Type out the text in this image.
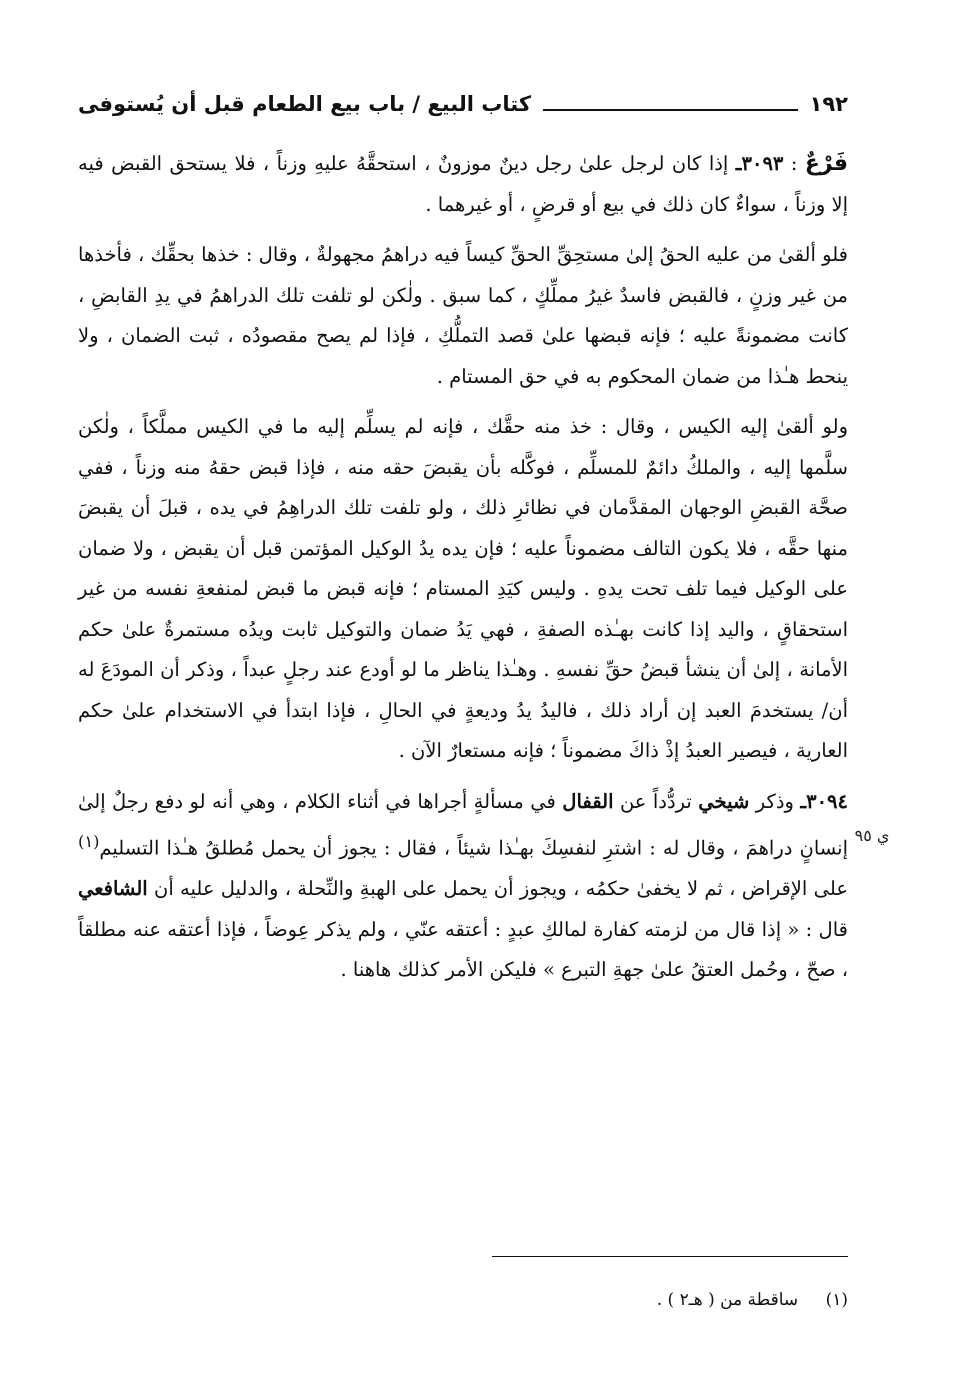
١٩٢
كتاب البيع / باب بيع الطعام قبل أن يُستوفى

فَرْعٌ : ٣٠٩٣ـ إذا كان لرجل علىٰ رجل دينٌ موزونٌ ، استحقَّهُ عليهِ وزناً ، فلا يستحق القبض فيه إلا وزناً ، سواءٌ كان ذلك في بيع أو قرضٍ ، أو غيرهما .

فلو ألقىٰ من عليه الحقُ إلىٰ مستحِقِّ الحقِّ كيساً فيه دراهمُ مجهولةٌ ، وقال : خذها بحقِّك ، فأخذها من غير وزنٍ ، فالقبض فاسدٌ غيرُ مملِّكٍ ، كما سبق . ولٰكن لو تلفت تلك الدراهمُ في يدِ القابضِ ، كانت مضمونةً عليه ؛ فإنه قبضها علىٰ قصد التملُّكِ ، فإذا لم يصح مقصودُه ، ثبت الضمان ، ولا ينحط هـٰذا من ضمان المحكوم به في حق المستام .

ولو ألقىٰ إليه الكيس ، وقال : خذ منه حقَّك ، فإنه لم يسلِّم إليه ما في الكيس مملَّكاً ، ولٰكن سلَّمها إليه ، والملكُ دائمٌ للمسلِّم ، فوكَّله بأن يقبضَ حقه منه ، فإذا قبض حقهُ منه وزناً ، ففي صحَّة القبضِ الوجهان المقدَّمان في نظائرِ ذلك ، ولو تلفت تلك الدراهِمُ في يده ، قبلَ أن يقبضَ منها حقَّه ، فلا يكون التالف مضموناً عليه ؛ فإن يده يدُ الوكيل المؤتمن قبل أن يقبض ، ولا ضمان على الوكيل فيما تلف تحت يدهِ . وليس كيَدِ المستام ؛ فإنه قبض ما قبض لمنفعةِ نفسه من غير استحقاقٍ ، واليد إذا كانت بهـٰذه الصفةِ ، فهي يَدُ ضمان والتوكيل ثابت ويدُه مستمرةٌ علىٰ حكم الأمانة ، إلىٰ أن ينشأ قبضُ حقِّ نفسهِ . وهـٰذا يناظر ما لو أودع عند رجلٍ عبداً ، وذكر أن المودَعَ له أن/ يستخدمَ العبد إن أراد ذلك ، فاليدُ يدُ وديعةٍ في الحالِ ، فإذا ابتدأ في الاستخدام علىٰ حكم العارية ، فيصير العبدُ إذْ ذاكَ مضموناً ؛ فإنه مستعارٌ الآن .

٣٠٩٤ـ وذكر شيخي تردُّداً عن القفال في مسألةٍ أجراها في أثناء الكلام ، وهي أنه لو دفع رجلٌ إلىٰ إنسانٍ دراهمَ ، وقال له : اشترِ لنفسِكَ بهـٰذا شيئاً ، فقال : يجوز أن يحمل مُطلقُ هـٰذا التسليم$^{(١)}$ على الإقراض ، ثم لا يخفىٰ حكمُه ، ويجوز أن يحمل على الهبةِ والنِّحلة ، والدليل عليه أن الشافعي قال : « إذا قال من لزمته كفارة لمالكِ عبدٍ : أعتقه عنّي ، ولم يذكر عِوضاً ، فإذا أعتقه عنه مطلقاً ، صحّ ، وحُمل العتقُ علىٰ جهةِ التبرع » فليكن الأمر كذلك هاهنا .

ي ٩٥
(١) ساقطة من ( هـ٢ ) .
